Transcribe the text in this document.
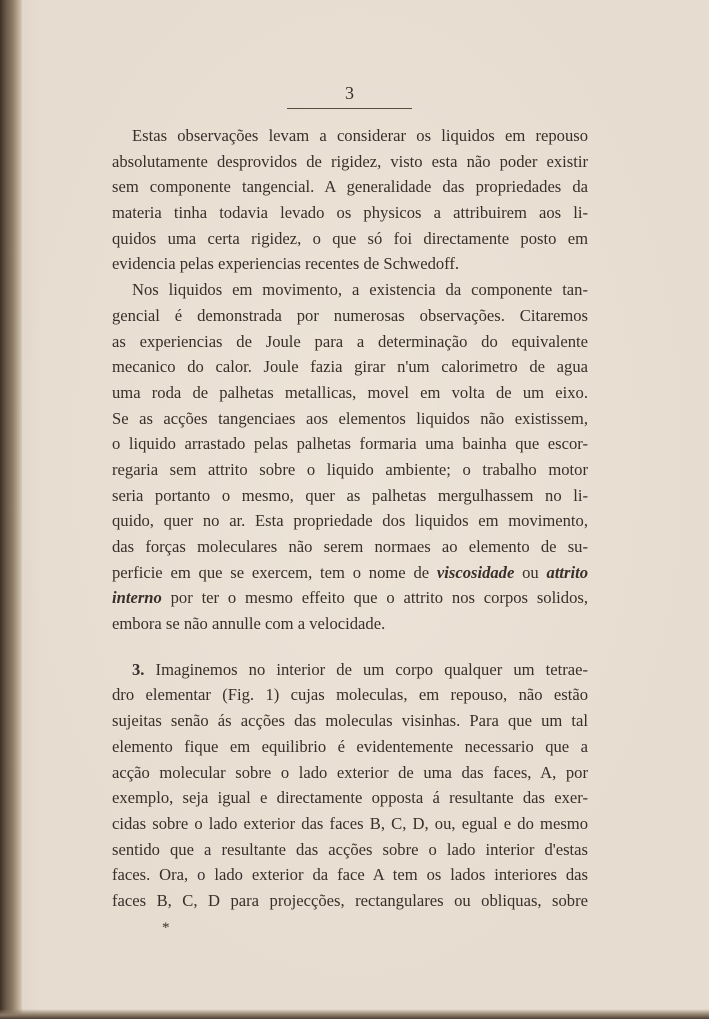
3
Estas observações levam a considerar os liquidos em repouso
absolutamente desprovidos de rigidez, visto esta não poder existir
sem componente tangencial. A generalidade das propriedades da
materia tinha todavia levado os physicos a attribuirem aos li-
quidos uma certa rigidez, o que só foi directamente posto em
evidencia pelas experiencias recentes de Schwedoff.
Nos liquidos em movimento, a existencia da componente tan-
gencial é demonstrada por numerosas observações. Citaremos
as experiencias de Joule para a determinação do equivalente
mecanico do calor. Joule fazia girar n'um calorimetro de agua
uma roda de palhetas metallicas, movel em volta de um eixo.
Se as acções tangenciaes aos elementos liquidos não existissem,
o liquido arrastado pelas palhetas formaria uma bainha que escor-
regaria sem attrito sobre o liquido ambiente; o trabalho motor
seria portanto o mesmo, quer as palhetas mergulhassem no li-
quido, quer no ar. Esta propriedade dos liquidos em movimento,
das forças moleculares não serem normaes ao elemento de su-
perficie em que se exercem, tem o nome de viscosidade ou attrito
interno por ter o mesmo effeito que o attrito nos corpos solidos,
embora se não annulle com a velocidade.
3. Imaginemos no interior de um corpo qualquer um tetrae-
dro elementar (Fig. 1) cujas moleculas, em repouso, não estão
sujeitas senão ás acções das moleculas visinhas. Para que um tal
elemento fique em equilibrio é evidentemente necessario que a
acção molecular sobre o lado exterior de uma das faces, A, por
exemplo, seja igual e directamente opposta á resultante das exer-
cidas sobre o lado exterior das faces B, C, D, ou, egual e do mesmo
sentido que a resultante das acções sobre o lado interior d'estas
faces. Ora, o lado exterior da face A tem os lados interiores das
faces B, C, D para projecções, rectangulares ou obliquas, sobre
*
